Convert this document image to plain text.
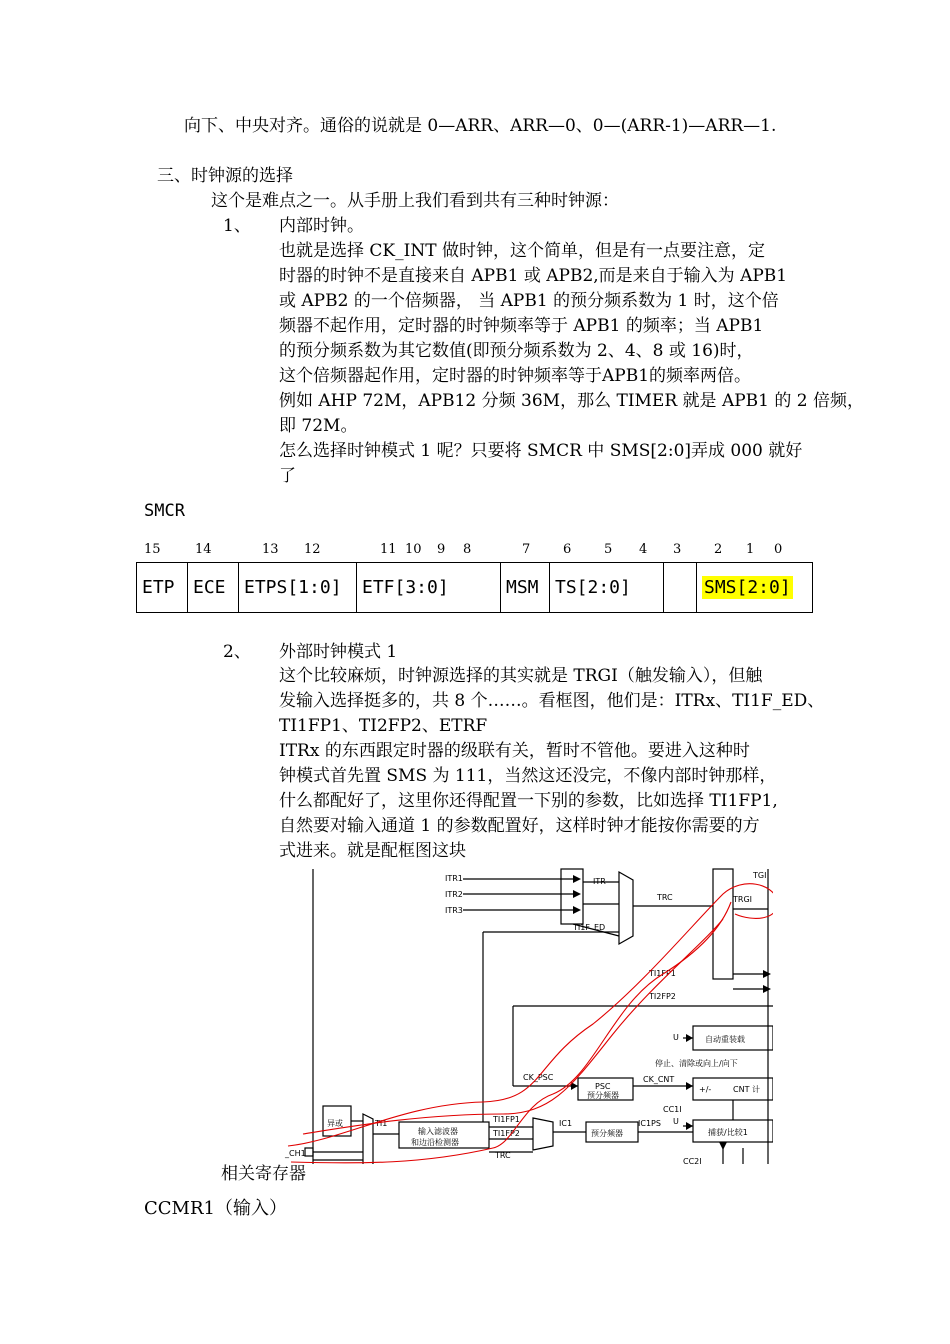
向下、中央对齐。通俗的说就是 0—ARR、ARR—0、0—(ARR-1)—ARR—1.
三、时钟源的选择
这个是难点之一。从手册上我们看到共有三种时钟源：
1、 内部时钟。
也就是选择 CK_INT 做时钟，这个简单，但是有一点要注意，定
时器的时钟不是直接来自 APB1 或 APB2,而是来自于输入为 APB1
或 APB2 的一个倍频器， 当 APB1 的预分频系数为 1 时，这个倍
频器不起作用，定时器的时钟频率等于 APB1 的频率；当 APB1
的预分频系数为其它数值(即预分频系数为 2、4、8 或 16)时，
这个倍频器起作用，定时器的时钟频率等于APB1的频率两倍。
例如 AHP 72M，APB12 分频 36M，那么 TIMER 就是 APB1 的 2 倍频，
即 72M。
怎么选择时钟模式 1 呢？只要将 SMCR 中 SMS[2:0]弄成 000 就好
了
SMCR
15	14	13 12	11 10 9 8	7	6	5 4 3	2 1 0
ETP	ECE	ETPS[1:0]	ETF[3:0]	MSM	TS[2:0]		SMS[2:0]
2、 外部时钟模式 1
这个比较麻烦，时钟源选择的其实就是 TRGI（触发输入），但触
发输入选择挺多的，共 8 个……。看框图，他们是：ITRx、TI1F_ED、
TI1FP1、TI2FP2、ETRF
ITRx 的东西跟定时器的级联有关，暂时不管他。要进入这种时
钟模式首先置 SMS 为 111，当然这还没完，不像内部时钟那样，
什么都配好了，这里你还得配置一下别的参数，比如选择 TI1FP1,
自然要对输入通道 1 的参数配置好，这样时钟才能按你需要的方
式进来。就是配框图这块
ITR1
ITR2
ITR3
ITR
TRC
TGI
TRGI
TI1F_ED
TI1FP1
TI2FP2
U	自动重装载
停止、清除或向上/向下
CK_PSC
PSC
预分频器
CK_CNT
+/-	CNT 计
CC1I
U
异或	TI1
输入滤波器
和边沿检测器
TI1FP1
TI1FP2
TRC
IC1	IC1PS
预分频器	捕获/比较1
_CH1
CC2I
相关寄存器
CCMR1（输入）
